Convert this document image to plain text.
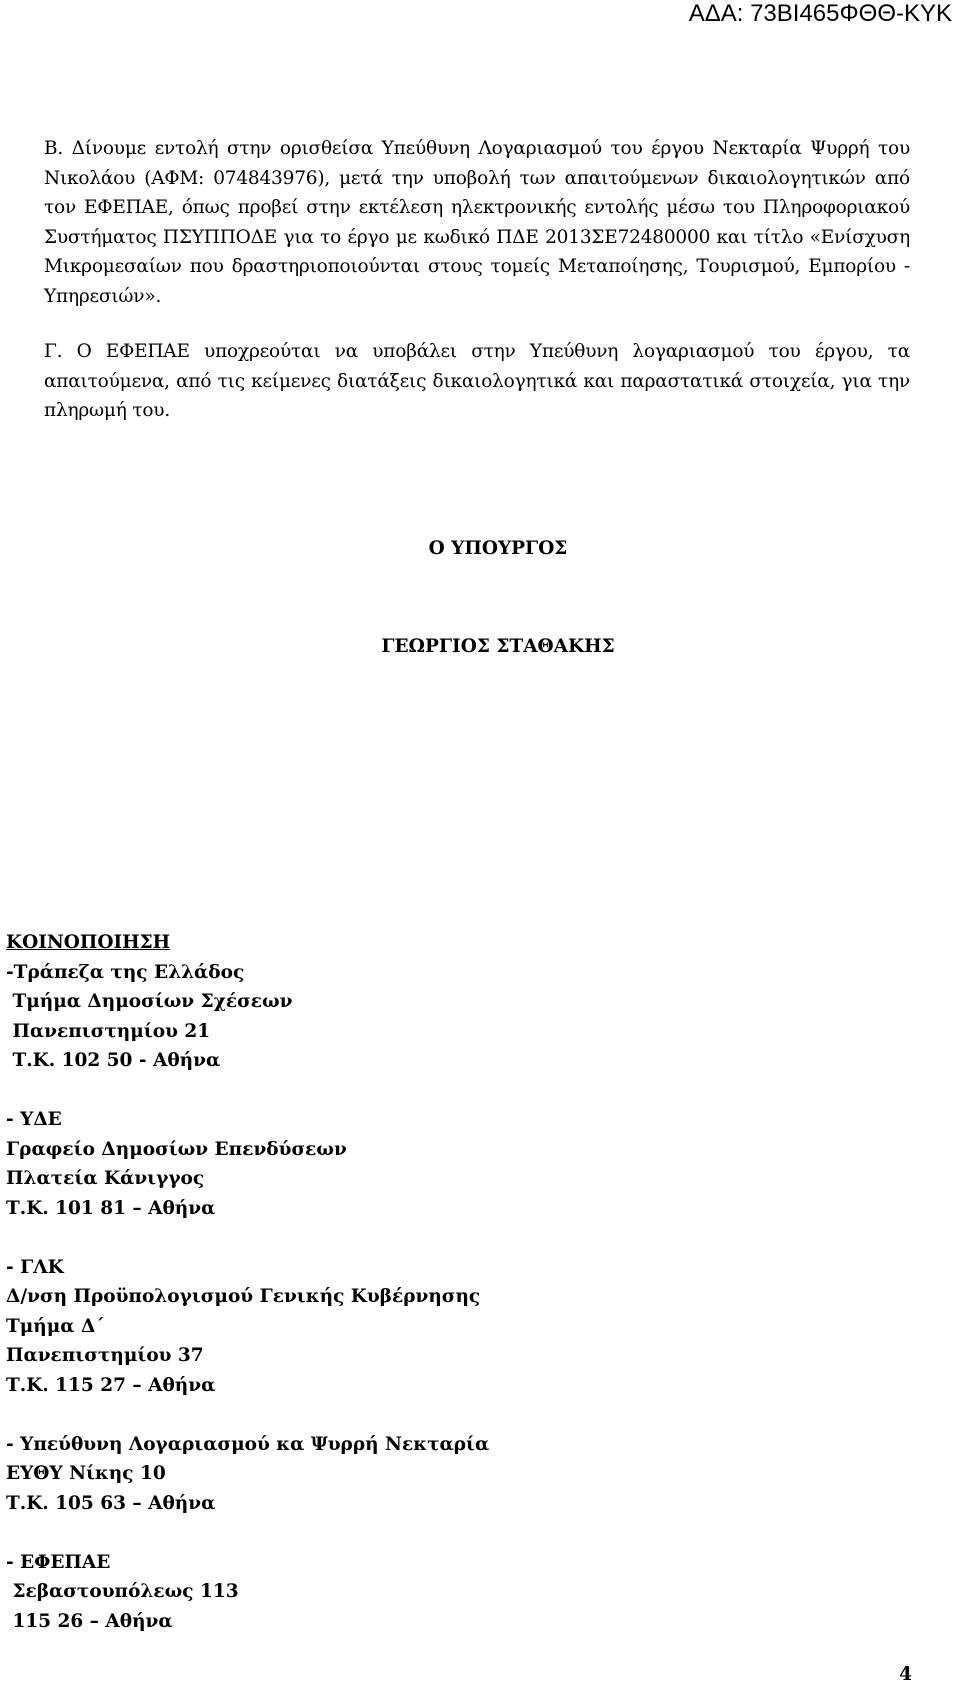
ΑΔΑ: 73ΒΙ465ΦΘΘ-ΚΥΚ

Β. Δίνουμε εντολή στην ορισθείσα Υπεύθυνη Λογαριασμού του έργου Νεκταρία Ψυρρή του Νικολάου (ΑΦΜ: 074843976), μετά την υποβολή των απαιτούμενων δικαιολογητικών από τον ΕΦΕΠΑΕ, όπως προβεί στην εκτέλεση ηλεκτρονικής εντολής μέσω του Πληροφοριακού Συστήματος ΠΣΥΠΠΟΔΕ για το έργο με κωδικό ΠΔΕ 2013ΣΕ72480000 και τίτλο «Ενίσχυση Μικρομεσαίων που δραστηριοποιούνται στους τομείς Μεταποίησης, Τουρισμού, Εμπορίου - Υπηρεσιών».

Γ. Ο ΕΦΕΠΑΕ υποχρεούται να υποβάλει στην Υπεύθυνη λογαριασμού του έργου, τα απαιτούμενα, από τις κείμενες διατάξεις δικαιολογητικά και παραστατικά στοιχεία, για την πληρωμή του.

Ο ΥΠΟΥΡΓΟΣ
ΓΕΩΡΓΙΟΣ ΣΤΑΘΑΚΗΣ
ΚΟΙΝΟΠΟΙΗΣΗ
-Τράπεζα της Ελλάδος
Τμήμα Δημοσίων Σχέσεων
Πανεπιστημίου 21
Τ.Κ. 102 50 - Αθήνα
- ΥΔΕ
Γραφείο Δημοσίων Επενδύσεων
Πλατεία Κάνιγγος
Τ.Κ. 101 81 – Αθήνα
- ΓΛΚ
Δ/νση Προϋπολογισμού Γενικής Κυβέρνησης
Τμήμα Δ΄
Πανεπιστημίου 37
Τ.Κ. 115 27 – Αθήνα
- Υπεύθυνη Λογαριασμού κα Ψυρρή Νεκταρία
ΕΥΘΥ Νίκης 10
Τ.Κ. 105 63 – Αθήνα
- ΕΦΕΠΑΕ
Σεβαστουπόλεως 113
115 26 – Αθήνα
4
